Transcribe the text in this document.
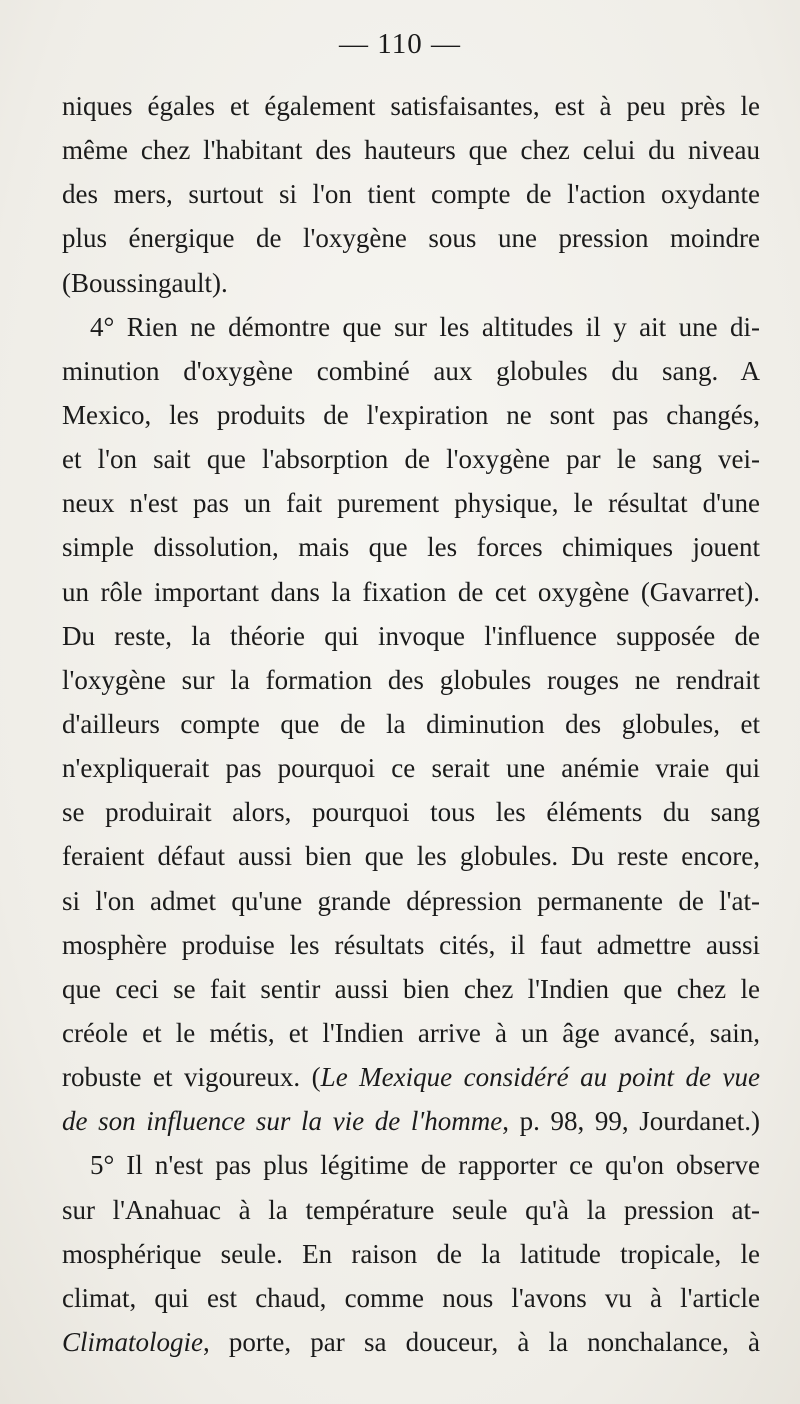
— 110 —
niques égales et également satisfaisantes, est à peu près le
même chez l'habitant des hauteurs que chez celui du niveau
des mers, surtout si l'on tient compte de l'action oxydante
plus énergique de l'oxygène sous une pression moindre
(Boussingault).
4° Rien ne démontre que sur les altitudes il y ait une di-
minution d'oxygène combiné aux globules du sang. A
Mexico, les produits de l'expiration ne sont pas changés,
et l'on sait que l'absorption de l'oxygène par le sang vei-
neux n'est pas un fait purement physique, le résultat d'une
simple dissolution, mais que les forces chimiques jouent
un rôle important dans la fixation de cet oxygène (Gavarret).
Du reste, la théorie qui invoque l'influence supposée de
l'oxygène sur la formation des globules rouges ne rendrait
d'ailleurs compte que de la diminution des globules, et
n'expliquerait pas pourquoi ce serait une anémie vraie qui
se produirait alors, pourquoi tous les éléments du sang
feraient défaut aussi bien que les globules. Du reste encore,
si l'on admet qu'une grande dépression permanente de l'at-
mosphère produise les résultats cités, il faut admettre aussi
que ceci se fait sentir aussi bien chez l'Indien que chez le
créole et le métis, et l'Indien arrive à un âge avancé, sain,
robuste et vigoureux. (Le Mexique considéré au point de vue
de son influence sur la vie de l'homme, p. 98, 99, Jourdanet.)
5° Il n'est pas plus légitime de rapporter ce qu'on observe
sur l'Anahuac à la température seule qu'à la pression at-
mosphérique seule. En raison de la latitude tropicale, le
climat, qui est chaud, comme nous l'avons vu à l'article
Climatologie, porte, par sa douceur, à la nonchalance, à
